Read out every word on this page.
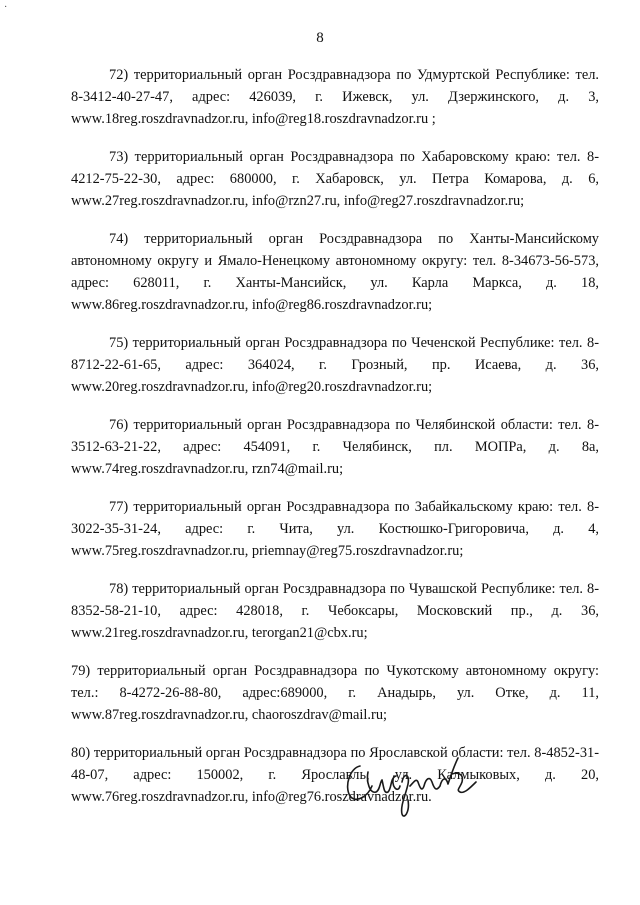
·
8

72) территориальный орган Росздравнадзора по Удмуртской Республике: тел. 8-3412-40-27-47, адрес: 426039, г. Ижевск, ул. Дзержинского, д. 3, www.18reg.roszdravnadzor.ru, info@reg18.roszdravnadzor.ru ;

73) территориальный орган Росздравнадзора по Хабаровскому краю: тел. 8-4212-75-22-30, адрес: 680000, г. Хабаровск, ул. Петра Комарова, д. 6, www.27reg.roszdravnadzor.ru, info@rzn27.ru, info@reg27.roszdravnadzor.ru;

74) территориальный орган Росздравнадзора по Ханты-Мансийскому автономному округу и Ямало-Ненецкому автономному округу: тел. 8-34673-56-573, адрес: 628011, г. Ханты-Мансийск, ул. Карла Маркса, д. 18, www.86reg.roszdravnadzor.ru, info@reg86.roszdravnadzor.ru;

75) территориальный орган Росздравнадзора по Чеченской Республике: тел. 8-8712-22-61-65, адрес: 364024, г. Грозный, пр. Исаева, д. 36, www.20reg.roszdravnadzor.ru, info@reg20.roszdravnadzor.ru;

76) территориальный орган Росздравнадзора по Челябинской области: тел. 8-3512-63-21-22, адрес: 454091, г. Челябинск, пл. МОПРа, д. 8а, www.74reg.roszdravnadzor.ru, rzn74@mail.ru;

77) территориальный орган Росздравнадзора по Забайкальскому краю: тел. 8-3022-35-31-24, адрес: г. Чита, ул. Костюшко-Григоровича, д. 4, www.75reg.roszdravnadzor.ru, priemnay@reg75.roszdravnadzor.ru;

78) территориальный орган Росздравнадзора по Чувашской Республике: тел. 8-8352-58-21-10, адрес: 428018, г. Чебоксары, Московский пр., д. 36, www.21reg.roszdravnadzor.ru, terorgan21@cbx.ru;

79) территориальный орган Росздравнадзора по Чукотскому автономному округу: тел.: 8-4272-26-88-80, адрес:689000, г. Анадырь, ул. Отке, д. 11, www.87reg.roszdravnadzor.ru, chaoroszdrav@mail.ru;

80) территориальный орган Росздравнадзора по Ярославской области: тел. 8-4852-31-48-07, адрес: 150002, г. Ярославль, ул. Калмыковых, д. 20, www.76reg.roszdravnadzor.ru, info@reg76.roszdravnadzor.ru.
